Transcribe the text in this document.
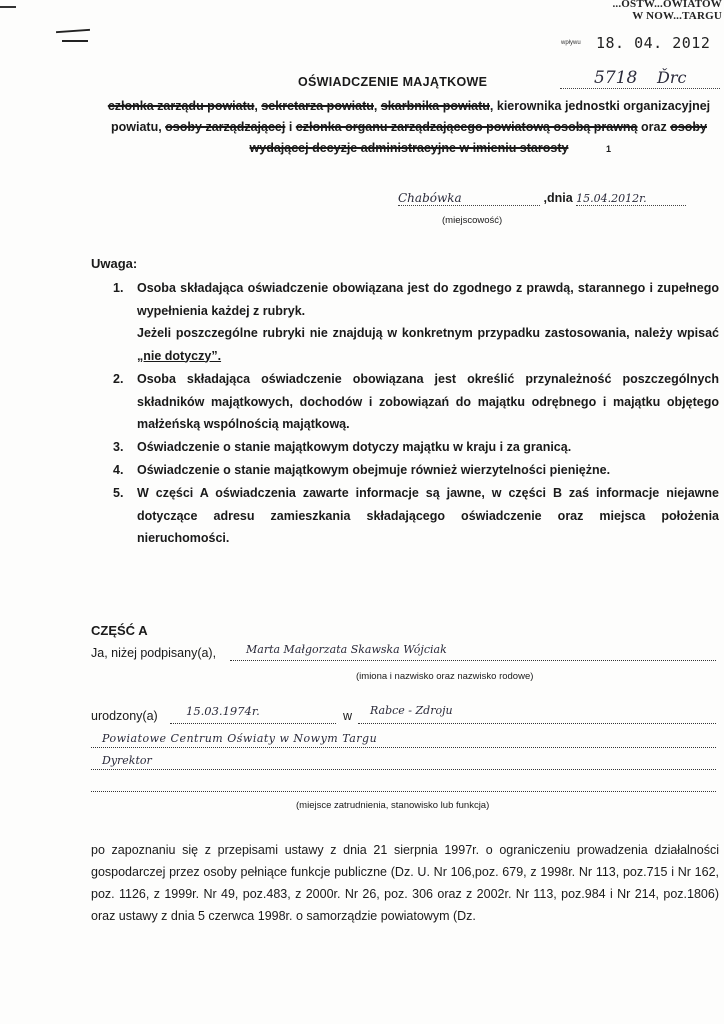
...OSTW...OWIATOW
W NOW...TARGU
wpływu 18. 04. 2012
5718 Ďrc
OŚWIADCZENIE MAJĄTKOWE
członka zarządu powiatu, sekretarza powiatu, skarbnika powiatu, kierownika jednostki organizacyjnej powiatu, osoby zarządzającej i członka organu zarządzającego powiatową osobą prawną oraz osoby wydającej decyzje administracyjne w imieniu starosty	1
Chabówka	,dnia 15.04.2012r.
(miejscowość)
Uwaga:
1. Osoba składająca oświadczenie obowiązana jest do zgodnego z prawdą, starannego i zupełnego wypełnienia każdej z rubryk.
Jeżeli poszczególne rubryki nie znajdują w konkretnym przypadku zastosowania, należy wpisać „nie dotyczy”.
2. Osoba składająca oświadczenie obowiązana jest określić przynależność poszczególnych składników majątkowych, dochodów i zobowiązań do majątku odrębnego i majątku objętego małżeńską wspólnością majątkową.
3. Oświadczenie o stanie majątkowym dotyczy majątku w kraju i za granicą.
4. Oświadczenie o stanie majątkowym obejmuje również wierzytelności pieniężne.
5. W części A oświadczenia zawarte informacje są jawne, w części B zaś informacje niejawne dotyczące adresu zamieszkania składającego oświadczenie oraz miejsca położenia nieruchomości.
CZĘŚĆ A
Ja, niżej podpisany(a),	Marta Małgorzata Skawska Wójciak
(imiona i nazwisko oraz nazwisko rodowe)
urodzony(a) 15.03.1974r.	w Rabce - Zdroju
Powiatowe Centrum Oświaty w Nowym Targu
Dyrektor
(miejsce zatrudnienia, stanowisko lub funkcja)
po zapoznaniu się z przepisami ustawy z dnia 21 sierpnia 1997r. o ograniczeniu prowadzenia działalności gospodarczej przez osoby pełniące funkcje publiczne (Dz. U. Nr 106,poz. 679, z 1998r. Nr 113, poz.715 i Nr 162, poz. 1126, z 1999r. Nr 49, poz.483, z 2000r. Nr 26, poz. 306 oraz z 2002r. Nr 113, poz.984 i Nr 214, poz.1806) oraz ustawy z dnia 5 czerwca 1998r. o samorządzie powiatowym (Dz.
